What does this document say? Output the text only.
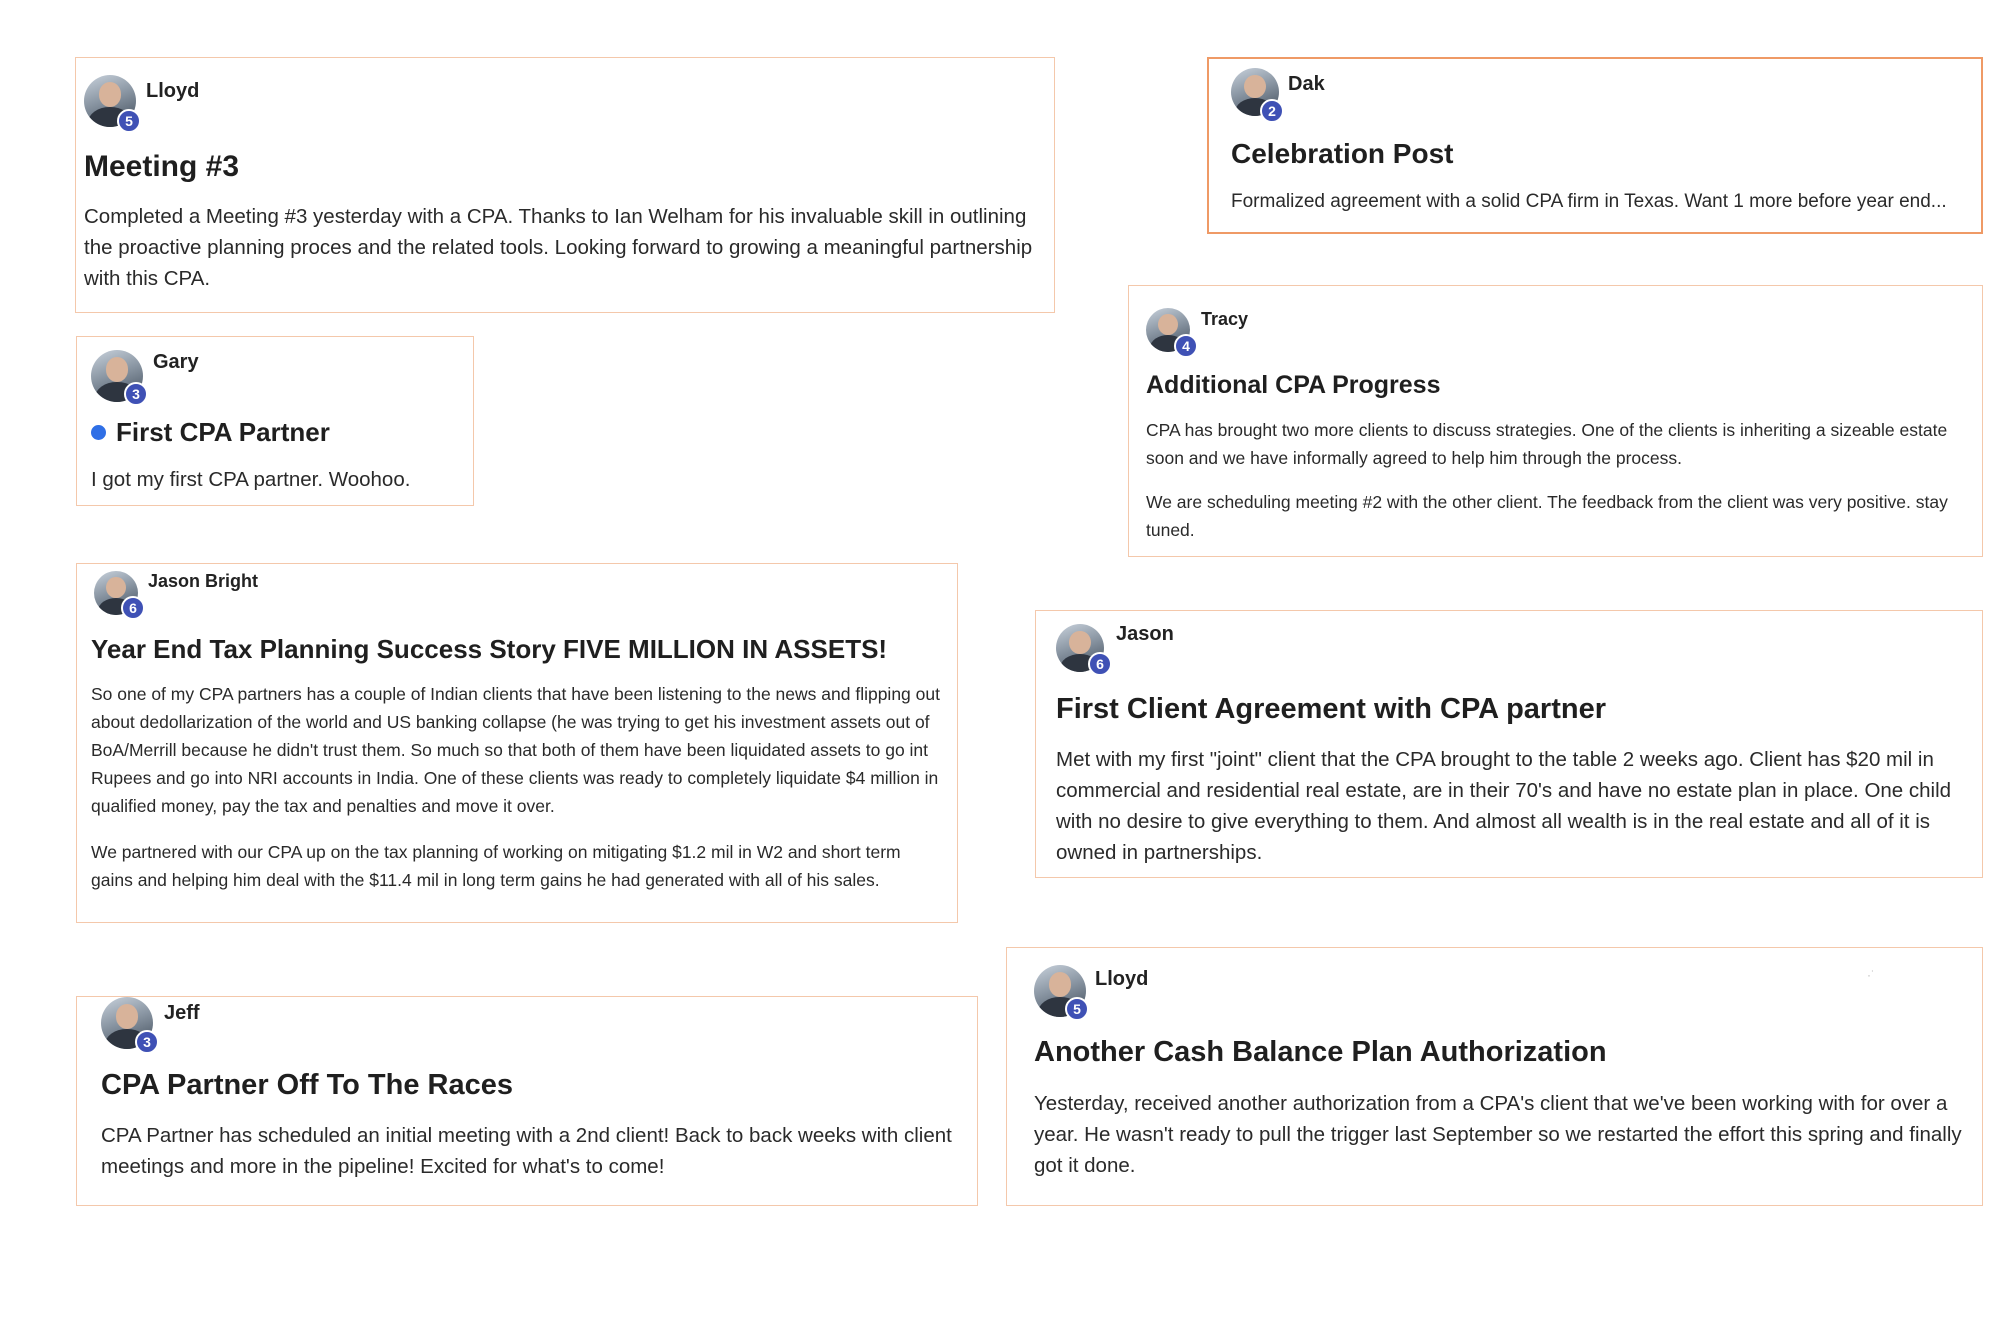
5
Lloyd
Meeting #3

Completed a Meeting #3 yesterday with a CPA. Thanks to Ian Welham for his invaluable skill in outlining the proactive planning proces and the related tools. Looking forward to growing a meaningful partnership with this CPA.

2
Dak
Celebration Post

Formalized agreement with a solid CPA firm in Texas. Want 1 more before year end...

3
Gary
First CPA Partner

I got my first CPA partner. Woohoo.

4
Tracy
Additional CPA Progress

CPA has brought two more clients to discuss strategies. One of the clients is inheriting a sizeable estate soon and we have informally agreed to help him through the process.

We are scheduling meeting #2 with the other client. The feedback from the client was very positive. stay tuned.

6
Jason Bright
Year End Tax Planning Success Story FIVE MILLION IN ASSETS!

So one of my CPA partners has a couple of Indian clients that have been listening to the news and flipping out about dedollarization of the world and US banking collapse (he was trying to get his investment assets out of BoA/Merrill because he didn't trust them. So much so that both of them have been liquidated assets to go int Rupees and go into NRI accounts in India. One of these clients was ready to completely liquidate $4 million in qualified money, pay the tax and penalties and move it over.

We partnered with our CPA up on the tax planning of working on mitigating $1.2 mil in W2 and short term gains and helping him deal with the $11.4 mil in long term gains he had generated with all of his sales.

6
Jason
First Client Agreement with CPA partner

Met with my first "joint" client that the CPA brought to the table 2 weeks ago. Client has $20 mil in commercial and residential real estate, are in their 70's and have no estate plan in place. One child with no desire to give everything to them. And almost all wealth is in the real estate and all of it is owned in partnerships.

3
Jeff
CPA Partner Off To The Races

CPA Partner has scheduled an initial meeting with a 2nd client! Back to back weeks with client meetings and more in the pipeline! Excited for what's to come!

5
Lloyd
Another Cash Balance Plan Authorization

Yesterday, received another authorization from a CPA's client that we've been working with for over a year. He wasn't ready to pull the trigger last September so we restarted the effort this spring and finally got it done.

·˙
